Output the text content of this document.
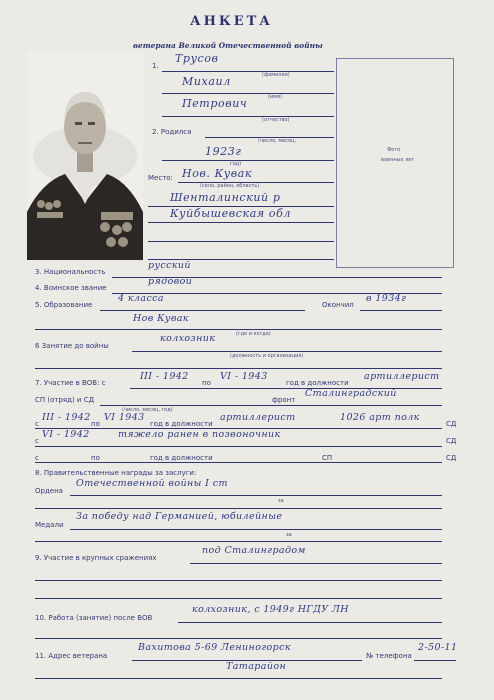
АНКЕТА
ветерана Великой Отечественной войны
Фото
военных лет
1.
Трусов
(фамилия)
Михаил
(имя)
Петрович
(отчество)
2. Родился
(число, месяц,
1923г
год)
Место: Нов. Кувак
(село, район, область)
Шенталинский р
Куйбышевская обл
3. Национальность
русский
4. Воинское звание
рядовой
5. Образование
4 класса
Окончил
в 1934г
Нов Кувак
(где и когда)
6 Занятие до войны
колхозник
(должность и организация)
7. Участие в ВОВ: с
III - 1942
по
VI - 1943
год в должности
артиллерист
СП (отряд) и СД	фронт
Сталинградский
(число, месяц, год)
с
III - 1942
по
VI 1943
год в должности
артиллерист	1026 арт полк
СД
с
VI - 1942	тяжело ранен в позвоночник
СД
с	по	год в должности	СП	СД
8. Правительственные награды за заслуги:
Ордена
Отечественной войны I ст
за
Медали
За победу над Германией, юбилейные
за
9. Участие в крупных сражениях
под Сталинградом
10. Работа (занятие) после ВОВ
колхозник, с 1949г НГДУ ЛН
11. Адрес ветерана
Вахитова 5-69 Лениногорск
№ телефона
2-50-11
Татарайон
